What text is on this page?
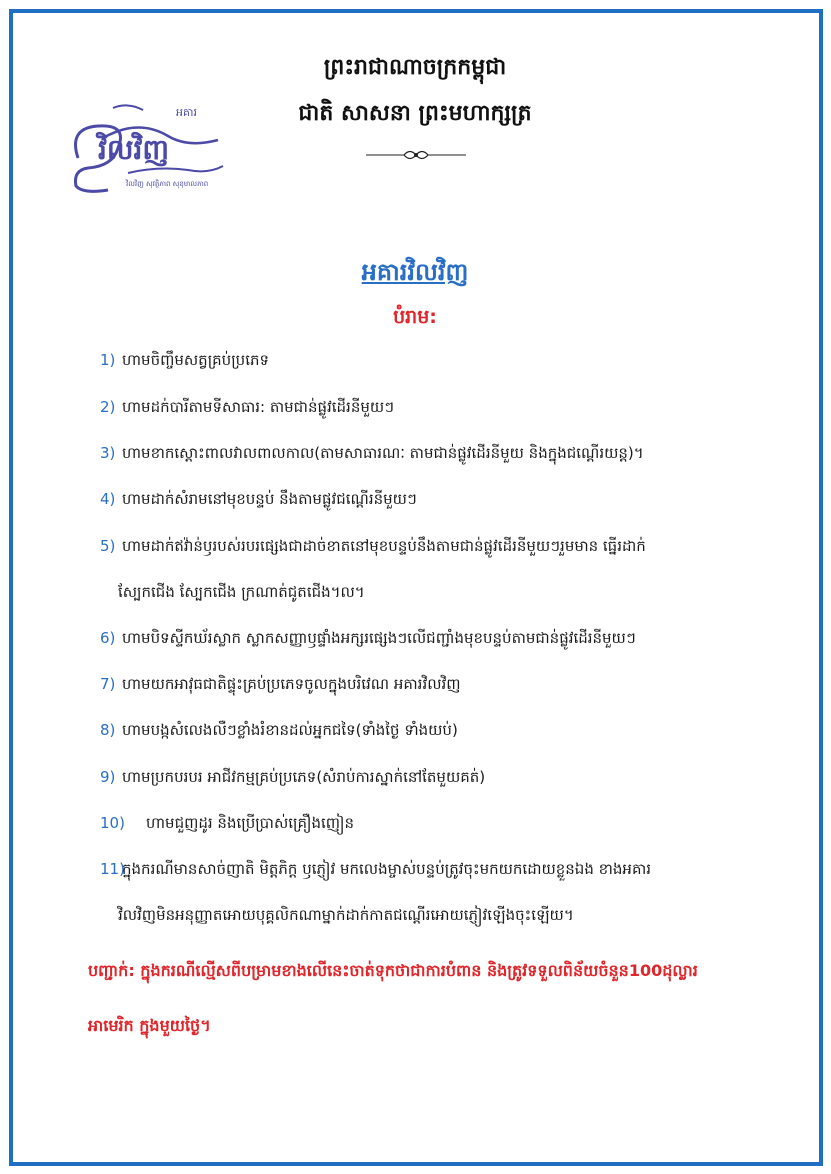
ព្រះរាជាណាចក្រកម្ពុជា
ជាតិ សាសនា ព្រះមហាក្សត្រ
អគារ
វិលវិញ
វិលវិញ សុវត្ថិភាព សុខុមាលភាព
អគារវិលវិញ
បំរាម:
1) ហាមចិញ្ចឹមសត្វគ្រប់ប្រភេទ
2) ហាមដក់បារីតាមទីសាធារ: តាមជាន់ផ្លូវដើរនីមួយៗ
3) ហាមខាកស្តោះពាលវាលពាលកាល(តាមសាធារណៈ តាមជាន់ផ្លូវដើរនីមួយ និងក្នុងជណ្តើរយន្ត)។
4) ហាមដាក់សំរាមនៅមុខបន្ទប់ នឹងតាមផ្លូវជណ្តើរនីមួយៗ
5) ហាមដាក់ឥវ៉ាន់ឫរបស់របរផ្សេងជាដាច់ខាតនៅមុខបន្ទប់នឹងតាមជាន់ផ្លូវដើរនីមួយៗរួមមាន ធ្នើរដាក់
ស្បែកជើង ស្បែកជើង ក្រណាត់ជូតជើង។ល។
6) ហាមបិទស្ទីកឃ័រស្លាក ស្លាកសញ្ញាឫផ្ទាំងអក្សរផ្សេងៗលើជញ្ជាំងមុខបន្ទប់តាមជាន់ផ្លូវដើរនីមួយៗ
7) ហាមយកអាវុធជាតិផ្ទុះគ្រប់ប្រភេទចូលក្នុងបរិវេណ អគារវិលវិញ
8) ហាមបង្កសំលេងលឺៗខ្លាំងរំខានដល់អ្នកជទៃ(ទាំងថ្ងៃ ទាំងយប់)
9) ហាមប្រកបរបរ អាជីវកម្មគ្រប់ប្រភេទ(សំរាប់ការស្នាក់នៅតែមួយគត់)
10) ហាមជួញដូរ និងប្រើប្រាស់គ្រឿងញៀន
11)ក្នុងករណីមានសាច់ញាតិ មិត្តភិក្ត ឫភ្ញៀវ មកលេងម្ចាស់បន្ទប់ត្រូវចុះមកយកដោយខ្លួនឯង ខាងអគារ
វិលវិញមិនអនុញ្ញាតអោយបុគ្គលិកណាម្នាក់ដាក់កាតជណ្តើរអោយភ្ញៀវឡើងចុះឡើយ។
បញ្ជាក់: ក្នុងករណីល្មើសពីបម្រាមខាងលើនេះចាត់ទុកថាជាការបំពាន និងត្រូវទទួលពិន័យចំនួន100ដុល្លារ
អាមេរិក ក្នុងមួយថ្ងៃ។
